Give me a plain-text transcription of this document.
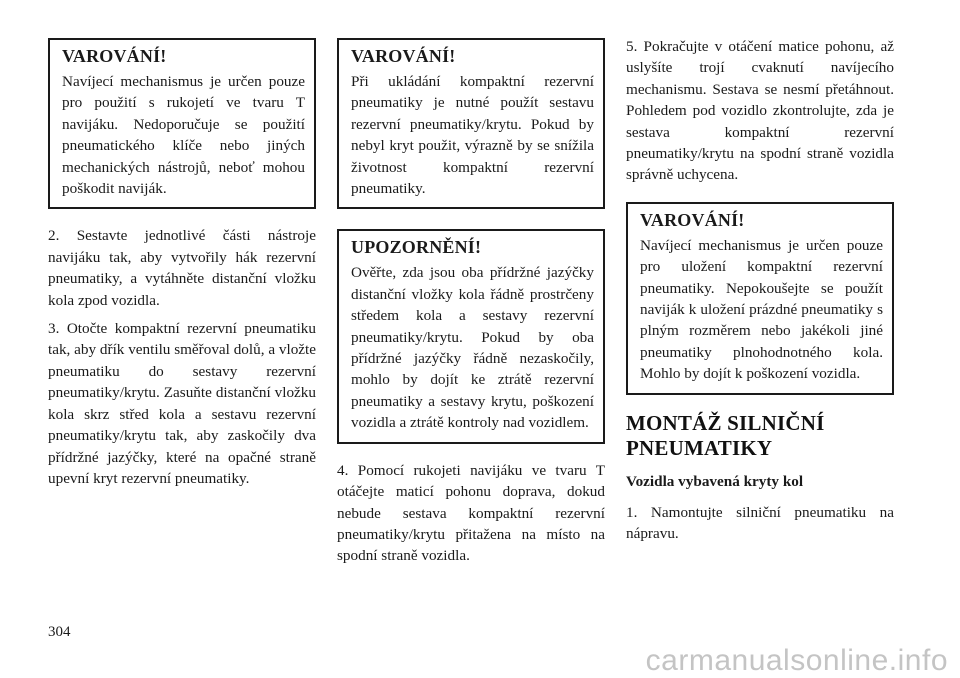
VAROVÁNÍ!

Navíjecí mechanismus je určen pouze pro použití s rukojetí ve tvaru T navijáku. Nedoporučuje se použití pneumatického klíče nebo jiných mechanických nástrojů, neboť mohou poškodit naviják.

2. Sestavte jednotlivé části nástroje navijáku tak, aby vytvořily hák rezervní pneumatiky, a vytáhněte distanční vložku kola zpod vozidla.

3. Otočte kompaktní rezervní pneumatiku tak, aby dřík ventilu směřoval dolů, a vložte pneumatiku do sestavy rezervní pneumatiky/krytu. Zasuňte distanční vložku kola skrz střed kola a sestavu rezervní pneumatiky/krytu tak, aby zaskočily dva přídržné jazýčky, které na opačné straně upevní kryt rezervní pneumatiky.

VAROVÁNÍ!

Při ukládání kompaktní rezervní pneumatiky je nutné použít sestavu rezervní pneumatiky/krytu. Pokud by nebyl kryt použit, výrazně by se snížila životnost kompaktní rezervní pneumatiky.

UPOZORNĚNÍ!

Ověřte, zda jsou oba přídržné jazýčky distanční vložky kola řádně prostrčeny středem kola a sestavy rezervní pneumatiky/krytu. Pokud by oba přídržné jazýčky řádně nezaskočily, mohlo by dojít ke ztrátě rezervní pneumatiky a sestavy krytu, poškození vozidla a ztrátě kontroly nad vozidlem.

4. Pomocí rukojeti navijáku ve tvaru T otáčejte maticí pohonu doprava, dokud nebude sestava kompaktní rezervní pneumatiky/krytu přitažena na místo na spodní straně vozidla.

5. Pokračujte v otáčení matice pohonu, až uslyšíte trojí cvaknutí navíjecího mechanismu. Sestava se nesmí přetáhnout. Pohledem pod vozidlo zkontrolujte, zda je sestava kompaktní rezervní pneumatiky/krytu na spodní straně vozidla správně uchycena.

VAROVÁNÍ!

Navíjecí mechanismus je určen pouze pro uložení kompaktní rezervní pneumatiky. Nepokoušejte se použít naviják k uložení prázdné pneumatiky s plným rozměrem nebo jakékoli jiné pneumatiky plnohodnotného kola. Mohlo by dojít k poškození vozidla.

MONTÁŽ SILNIČNÍ PNEUMATIKY
Vozidla vybavená kryty kol

1. Namontujte silniční pneumatiku na nápravu.

304
carmanualsonline.info
